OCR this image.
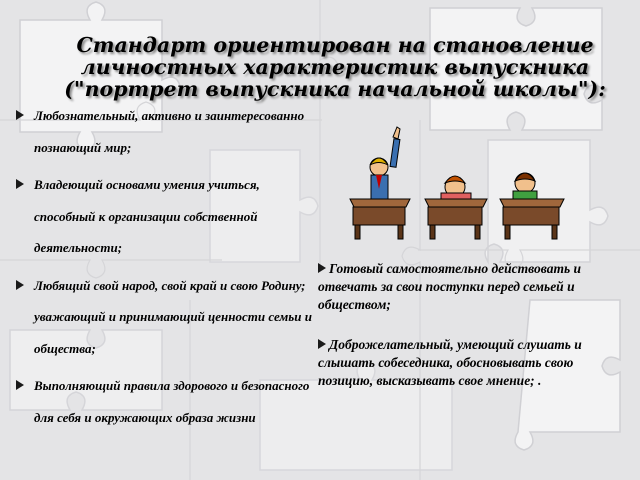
Стандарт ориентирован на становление личностных характеристик выпускника ("портрет выпускника начальной школы"):
Любознательный, активно и заинтересованно познающий мир;
Владеющий основами умения учиться, способный к организации собственной деятельности;
Любящий свой народ, свой край и свою Родину; уважающий и принимающий ценности семьи и общества;
Выполняющий правила здорового и безопасного для себя и окружающих образа жизни
Готовый самостоятельно действовать и отвечать за свои поступки перед семьей и обществом;
Доброжелательный, умеющий слушать и слышать собеседника, обосновывать свою позицию, высказывать свое мнение; .
